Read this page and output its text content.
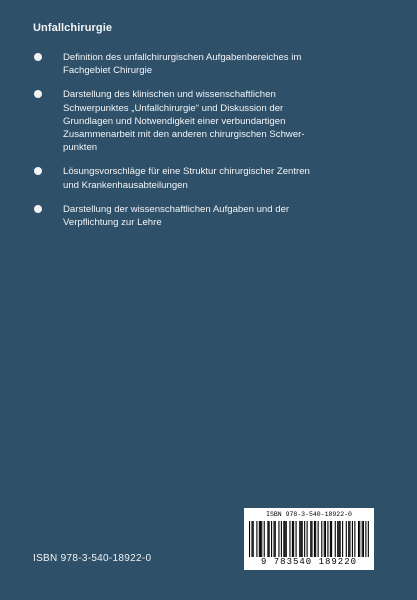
Unfallchirurgie
Definition des unfallchirurgischen Aufgabenbereiches im
Fachgebiet Chirurgie
Darstellung des klinischen und wissenschaftlichen
Schwerpunktes „Unfallchirurgie“ und Diskussion der
Grundlagen und Notwendigkeit einer verbundartigen
Zusammenarbeit mit den anderen chirurgischen Schwer-
punkten
Lösungsvorschläge für eine Struktur chirurgischer Zentren
und Krankenhausabteilungen
Darstellung der wissenschaftlichen Aufgaben und der
Verpflichtung zur Lehre
ISBN 978-3-540-18922-0
ISBN 978-3-540-18922-0
9 783540 189220
